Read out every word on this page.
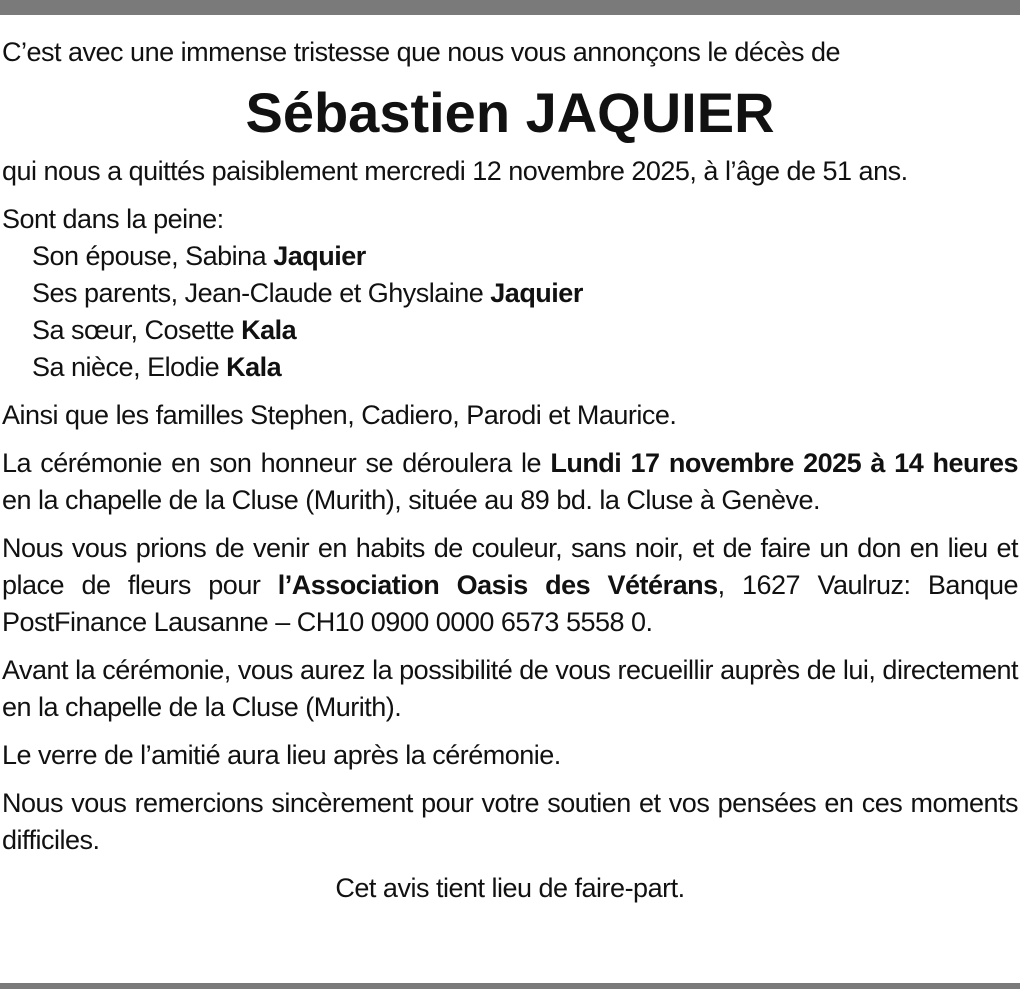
C’est avec une immense tristesse que nous vous annonçons le décès de

Sébastien JAQUIER

qui nous a quittés paisiblement mercredi 12 novembre 2025, à l’âge de 51 ans.

Sont dans la peine:

Son épouse, Sabina Jaquier

Ses parents, Jean-Claude et Ghyslaine Jaquier

Sa sœur, Cosette Kala

Sa nièce, Elodie Kala

Ainsi que les familles Stephen, Cadiero, Parodi et Maurice.

La cérémonie en son honneur se déroulera le Lundi 17 novembre 2025 à 14 heures en la chapelle de la Cluse (Murith), située au 89 bd. la Cluse à Genève.

Nous vous prions de venir en habits de couleur, sans noir, et de faire un don en lieu et place de fleurs pour l’Association Oasis des Vétérans, 1627 Vaulruz: Banque PostFinance Lausanne – CH10 0900 0000 6573 5558 0.

Avant la cérémonie, vous aurez la possibilité de vous recueillir auprès de lui, directement en la chapelle de la Cluse (Murith).

Le verre de l’amitié aura lieu après la cérémonie.

Nous vous remercions sincèrement pour votre soutien et vos pensées en ces moments difficiles.

Cet avis tient lieu de faire-part.
